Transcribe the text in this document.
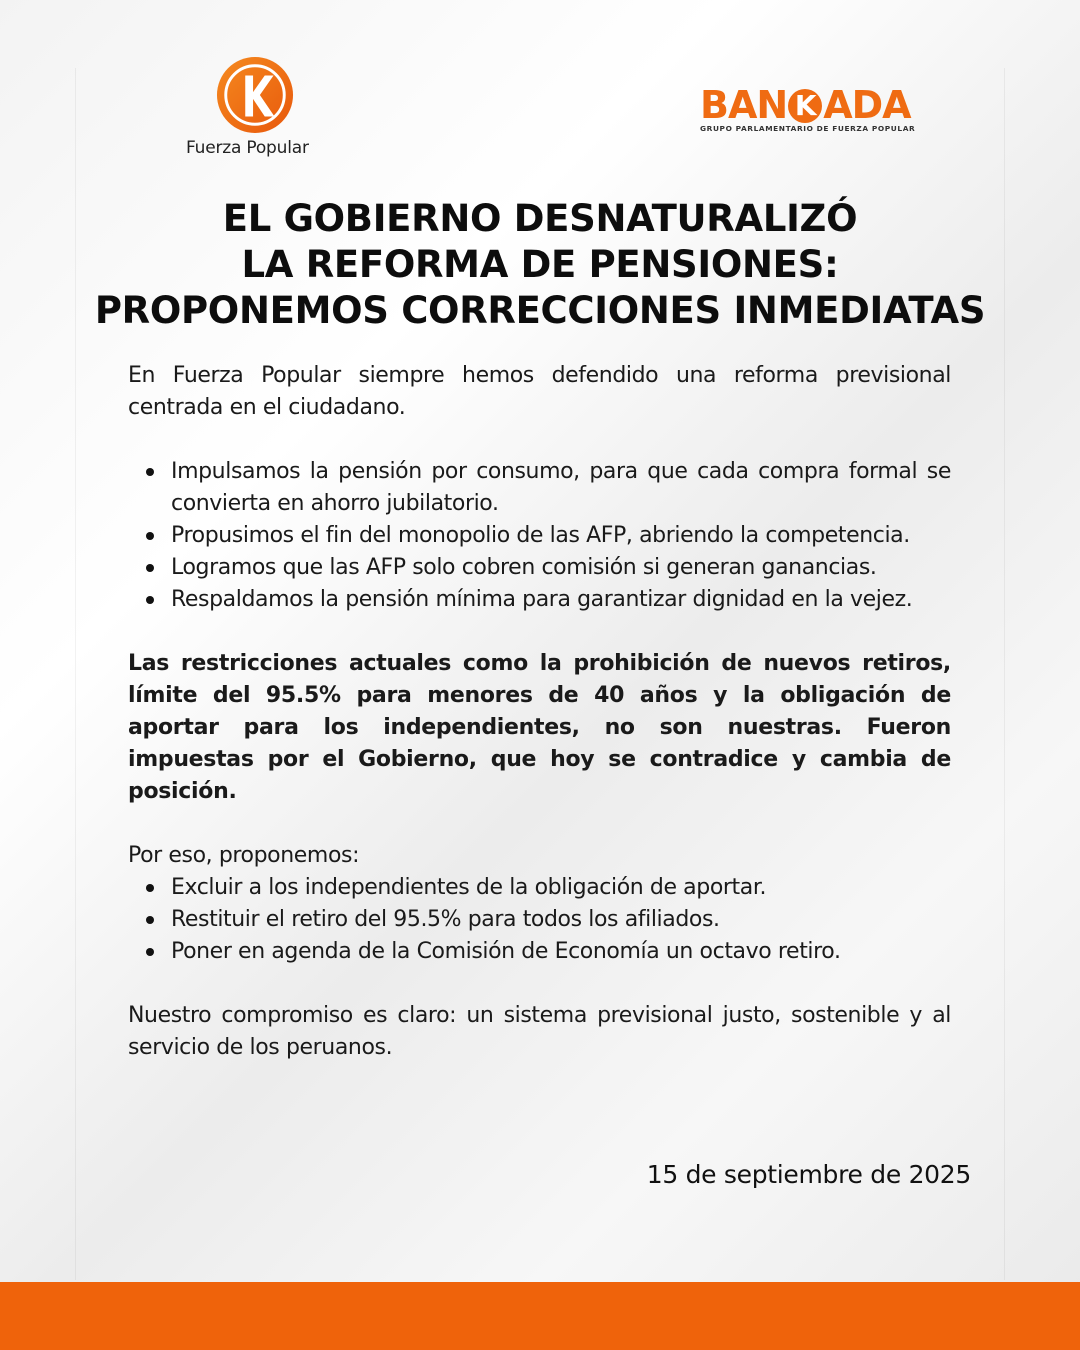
Fuerza Popular
BAN K ADA
GRUPO PARLAMENTARIO DE FUERZA POPULAR
EL GOBIERNO DESNATURALIZÓ
LA REFORMA DE PENSIONES:
PROPONEMOS CORRECCIONES INMEDIATAS

En Fuerza Popular siempre hemos defendido una reforma previsional centrada en el ciudadano.

Impulsamos la pensión por consumo, para que cada compra formal se convierta en ahorro jubilatorio.
Propusimos el fin del monopolio de las AFP, abriendo la competencia.
Logramos que las AFP solo cobren comisión si generan ganancias.
Respaldamos la pensión mínima para garantizar dignidad en la vejez.

Las restricciones actuales como la prohibición de nuevos retiros, límite del 95.5% para menores de 40 años y la obligación de aportar para los independientes, no son nuestras. Fueron impuestas por el Gobierno, que hoy se contradice y cambia de posición.

Por eso, proponemos:

Excluir a los independientes de la obligación de aportar.
Restituir el retiro del 95.5% para todos los afiliados.
Poner en agenda de la Comisión de Economía un octavo retiro.

Nuestro compromiso es claro: un sistema previsional justo, sostenible y al servicio de los peruanos.

15 de septiembre de 2025
